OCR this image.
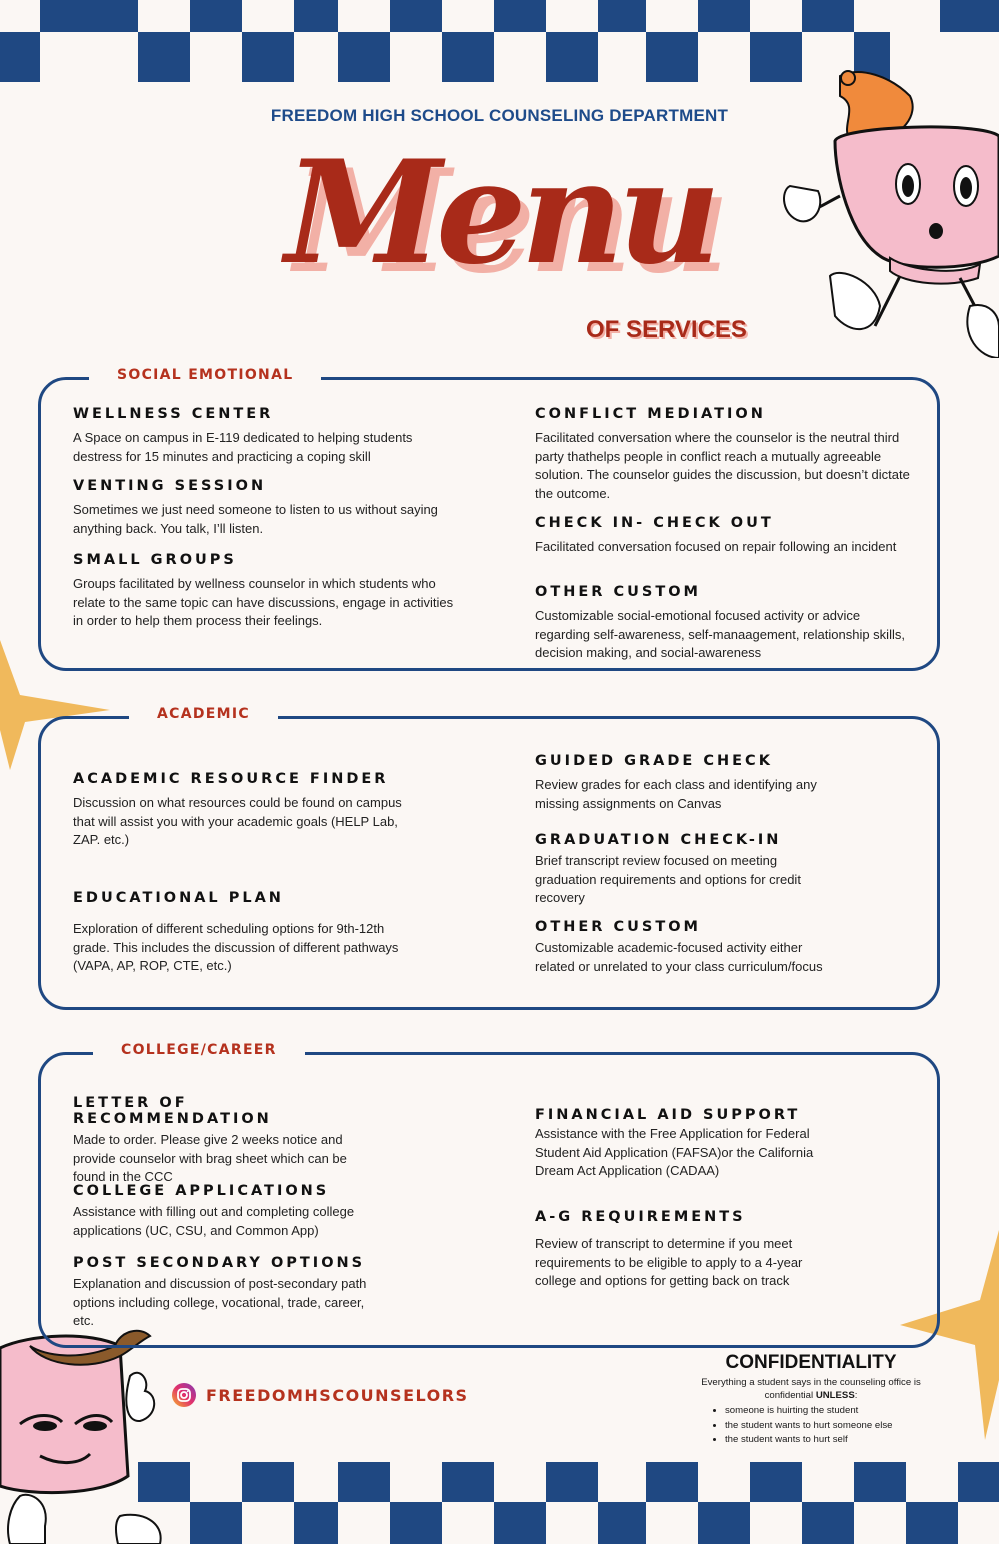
FREEDOM HIGH SCHOOL COUNSELING DEPARTMENT
Menu
OF SERVICES
SOCIAL EMOTIONAL
WELLNESS CENTER
A Space on campus in E-119 dedicated to helping students destress for 15 minutes and practicing a coping skill
VENTING SESSION
Sometimes we just need someone to listen to us without saying anything back. You talk, I’ll listen.
SMALL GROUPS
Groups facilitated by wellness counselor in which students who relate to the same topic can have discussions, engage in activities in order to help them process their feelings.
CONFLICT MEDIATION
Facilitated conversation where the counselor is the neutral third party thathelps people in conflict reach a mutually agreeable solution. The counselor guides the discussion, but doesn’t dictate the outcome.
CHECK IN- CHECK OUT
Facilitated conversation focused on repair following an incident
OTHER CUSTOM
Customizable social-emotional focused activity or advice regarding self-awareness, self-manaagement, relationship skills, decision making, and social-awareness
ACADEMIC
ACADEMIC RESOURCE FINDER
Discussion on what resources could be found on campus that will assist you with your academic goals (HELP Lab, ZAP. etc.)
EDUCATIONAL PLAN
Exploration of different scheduling options for 9th-12th grade. This includes the discussion of different pathways (VAPA, AP, ROP, CTE, etc.)
GUIDED GRADE CHECK
Review grades for each class and identifying any missing assignments on Canvas
GRADUATION CHECK-IN
Brief transcript review focused on meeting graduation requirements and options for credit recovery
OTHER CUSTOM
Customizable academic-focused activity either related or unrelated to your class curriculum/focus
COLLEGE/CAREER
LETTER OF RECOMMENDATION
Made to order. Please give 2 weeks notice and provide counselor with brag sheet which can be found in the CCC
COLLEGE APPLICATIONS
Assistance with filling out and completing college applications (UC, CSU, and Common App)
POST SECONDARY OPTIONS
Explanation and discussion of post-secondary path options including college, vocational, trade, career, etc.
FINANCIAL AID SUPPORT
Assistance with the Free Application for Federal Student Aid Application (FAFSA)or the California Dream Act Application (CADAA)
A-G REQUIREMENTS
Review of transcript to determine if you meet requirements to be eligible to apply to a 4-year college and options for getting back on track
FREEDOMHSCOUNSELORS
CONFIDENTIALITY
Everything a student says in the counseling office is confidential UNLESS:
• someone is huirting the student
• the student wants to hurt someone else
• the student wants to hurt self
